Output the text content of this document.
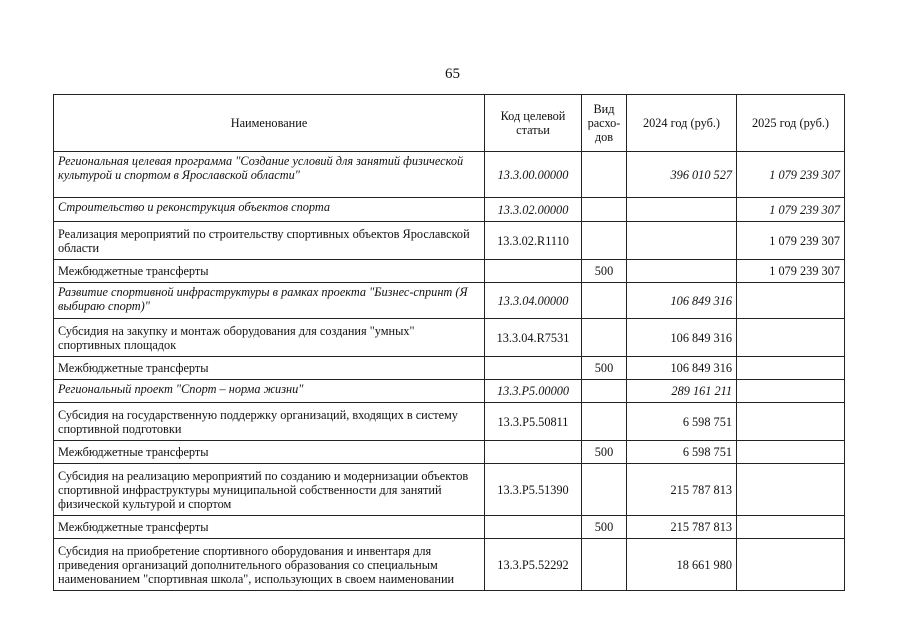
65
Наименование	Код целевой статьи	Вид расхо-дов	2024 год (руб.)	2025 год (руб.)
Региональная целевая программа "Создание условий для занятий физической культурой и спортом в Ярославской области"	13.3.00.00000		396 010 527	1 079 239 307
Строительство и реконструкция объектов спорта	13.3.02.00000			1 079 239 307
Реализация мероприятий по строительству спортивных объектов Ярославской области	13.3.02.R1110			1 079 239 307
Межбюджетные трансферты		500		1 079 239 307
Развитие спортивной инфраструктуры в рамках проекта "Бизнес-спринт (Я выбираю спорт)"	13.3.04.00000		106 849 316	
Субсидия на закупку и монтаж оборудования для создания "умных" спортивных площадок	13.3.04.R7531		106 849 316	
Межбюджетные трансферты		500	106 849 316	
Региональный проект "Спорт – норма жизни"	13.3.P5.00000		289 161 211	
Субсидия на государственную поддержку организаций, входящих в систему спортивной подготовки	13.3.P5.50811		6 598 751	
Межбюджетные трансферты		500	6 598 751	
Субсидия на реализацию мероприятий по созданию и модернизации объектов спортивной инфраструктуры муниципальной собственности для занятий физической культурой и спортом	13.3.P5.51390		215 787 813	
Межбюджетные трансферты		500	215 787 813	
Субсидия на приобретение спортивного оборудования и инвентаря для приведения организаций дополнительного образования со специальным наименованием "спортивная школа", использующих в своем наименовании	13.3.P5.52292		18 661 980	
